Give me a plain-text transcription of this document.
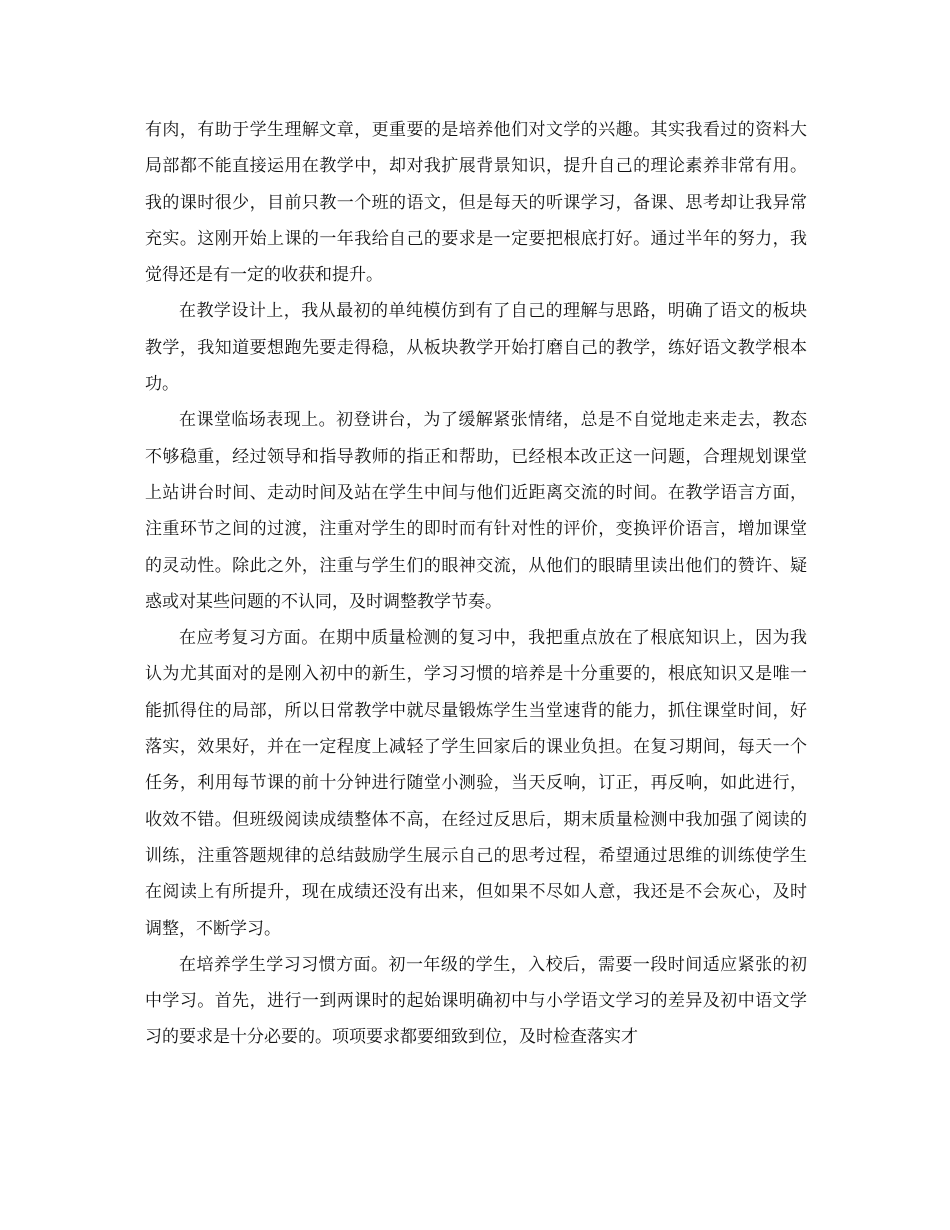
有肉，有助于学生理解文章，更重要的是培养他们对文学的兴趣。其实我看过的资料大局部都不能直接运用在教学中，却对我扩展背景知识，提升自己的理论素养非常有用。我的课时很少，目前只教一个班的语文，但是每天的听课学习，备课、思考却让我异常充实。这刚开始上课的一年我给自己的要求是一定要把根底打好。通过半年的努力，我觉得还是有一定的收获和提升。

在教学设计上，我从最初的单纯模仿到有了自己的理解与思路，明确了语文的板块教学，我知道要想跑先要走得稳，从板块教学开始打磨自己的教学，练好语文教学根本功。

在课堂临场表现上。初登讲台，为了缓解紧张情绪，总是不自觉地走来走去，教态不够稳重，经过领导和指导教师的指正和帮助，已经根本改正这一问题，合理规划课堂上站讲台时间、走动时间及站在学生中间与他们近距离交流的时间。在教学语言方面，注重环节之间的过渡，注重对学生的即时而有针对性的评价，变换评价语言，增加课堂的灵动性。除此之外，注重与学生们的眼神交流，从他们的眼睛里读出他们的赞许、疑惑或对某些问题的不认同，及时调整教学节奏。

在应考复习方面。在期中质量检测的复习中，我把重点放在了根底知识上，因为我认为尤其面对的是刚入初中的新生，学习习惯的培养是十分重要的，根底知识又是唯一能抓得住的局部，所以日常教学中就尽量锻炼学生当堂速背的能力，抓住课堂时间，好落实，效果好，并在一定程度上减轻了学生回家后的课业负担。在复习期间，每天一个任务，利用每节课的前十分钟进行随堂小测验，当天反响，订正，再反响，如此进行，收效不错。但班级阅读成绩整体不高，在经过反思后，期末质量检测中我加强了阅读的训练，注重答题规律的总结鼓励学生展示自己的思考过程，希望通过思维的训练使学生在阅读上有所提升，现在成绩还没有出来，但如果不尽如人意，我还是不会灰心，及时调整，不断学习。

在培养学生学习习惯方面。初一年级的学生，入校后，需要一段时间适应紧张的初中学习。首先，进行一到两课时的起始课明确初中与小学语文学习的差异及初中语文学习的要求是十分必要的。项项要求都要细致到位，及时检查落实才
